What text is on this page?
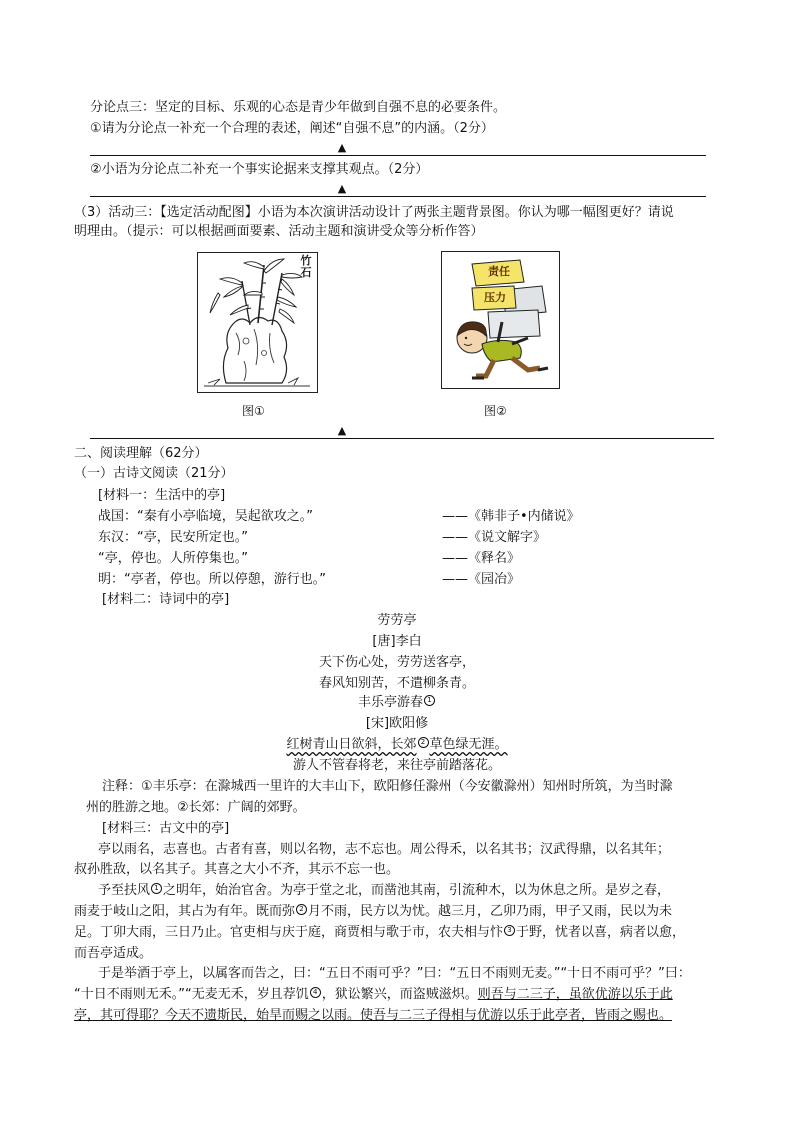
分论点三：坚定的目标、乐观的心态是青少年做到自强不息的必要条件。
①请为分论点一补充一个合理的表述，阐述“自强不息”的内涵。（2分）
▲
②小语为分论点二补充一个事实论据来支撑其观点。（2分）
▲
（3）活动三：【选定活动配图】小语为本次演讲活动设计了两张主题背景图。你认为哪一幅图更好？请说
明理由。（提示：可以根据画面要素、活动主题和演讲受众等分析作答）
竹石
图①
责任
压力
图②
▲
二、阅读理解（62分）
（一）古诗文阅读（21分）
[材料一：生活中的亭]
战国：“秦有小亭临境，吴起欲攻之。”	——《韩非子•内储说》
东汉：“亭，民安所定也。”	——《说文解字》
“亭，停也。人所停集也。”	——《释名》
明：“亭者，停也。所以停憩，游行也。”	——《园冶》
[材料二：诗词中的亭]
劳劳亭
[唐]李白
天下伤心处，劳劳送客亭，
春风知别苦，不遣柳条青。
丰乐亭游春 1
[宋]欧阳修
红树青山日欲斜，长郊 2 草色绿无涯。
游人不管春将老，来往亭前踏落花。
注释：①丰乐亭：在滁城西一里许的大丰山下，欧阳修任滁州（今安徽滁州）知州时所筑，为当时滁
州的胜游之地。②长郊：广阔的郊野。
[材料三：古文中的亭]
亭以雨名，志喜也。古者有喜，则以名物，志不忘也。周公得禾，以名其书；汉武得鼎，以名其年；
叔孙胜敌，以名其子。其喜之大小不齐，其示不忘一也。
予至扶风 1 之明年，始治官舍。为亭于堂之北，而凿池其南，引流种木，以为休息之所。是岁之春，
雨麦于岐山之阳，其占为有年。既而弥 2 月不雨，民方以为忧。越三月，乙卯乃雨，甲子又雨，民以为未
足。丁卯大雨，三日乃止。官吏相与庆于庭，商贾相与歌于市，农夫相与忭 3 于野，忧者以喜，病者以愈，
而吾亭适成。
于是举酒于亭上，以属客而告之，曰：“五日不雨可乎？”曰：“五日不雨则无麦。”“十日不雨可乎？”曰：
“十日不雨则无禾。”“无麦无禾，岁且荐饥 4 ，狱讼繁兴，而盗贼滋炽。则吾与二三子，虽欲优游以乐于此
亭，其可得耶？今天不遗斯民，始旱而赐之以雨。使吾与二三子得相与优游以乐于此亭者，皆雨之赐也。
